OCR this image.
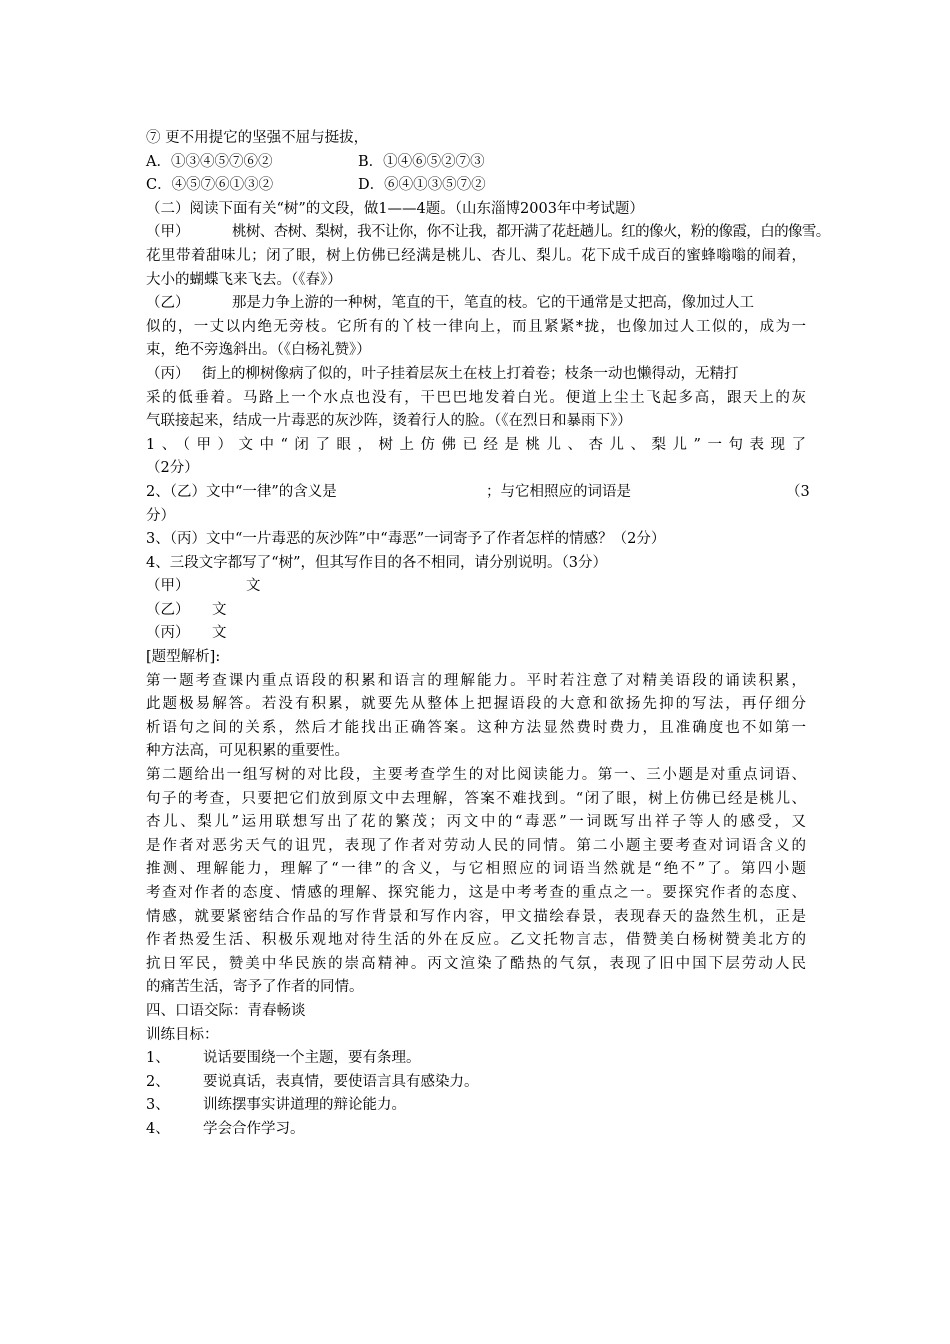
⑦ 更不用提它的坚强不屈与挺拔，
A．①③④⑤⑦⑥②	B．①④⑥⑤②⑦③
C．④⑤⑦⑥①③②	D．⑥④①③⑤⑦②
（二）阅读下面有关“树”的文段，做1——4题。（山东淄博2003年中考试题）
（甲）	桃树、杏树、梨树，我不让你，你不让我，都开满了花赶趟儿。红的像火，粉的像霞，白的像雪。
花里带着甜味儿；闭了眼，树上仿佛已经满是桃儿、杏儿、梨儿。花下成千成百的蜜蜂嗡嗡的闹着，
大小的蝴蝶飞来飞去。（《春》）
（乙）	那是力争上游的一种树，笔直的干，笔直的枝。它的干通常是丈把高，像加过人工
似的，一丈以内绝无旁枝。它所有的丫枝一律向上，而且紧紧*拢，也像加过人工似的，成为一
束，绝不旁逸斜出。（《白杨礼赞》）
（丙） 街上的柳树像病了似的，叶子挂着层灰土在枝上打着卷；枝条一动也懒得动，无精打
采的低垂着。马路上一个水点也没有，干巴巴地发着白光。便道上尘土飞起多高，跟天上的灰
气联接起来，结成一片毒恶的灰沙阵，烫着行人的脸。（《在烈日和暴雨下》）
1、（甲）文中“闭了眼，树上仿佛已经是桃儿、杏儿、梨儿”一句表现了
（2分）
2、（乙）文中“一律”的含义是	；与它相照应的词语是	（3
分）
3、（丙）文中“一片毒恶的灰沙阵”中“毒恶”一词寄予了作者怎样的情感？（2分）
4、三段文字都写了“树”，但其写作目的各不相同，请分别说明。（3分）
（甲）	文
（乙） 文
（丙） 文
[题型解析]:
第一题考查课内重点语段的积累和语言的理解能力。平时若注意了对精美语段的诵读积累，
此题极易解答。若没有积累，就要先从整体上把握语段的大意和欲扬先抑的写法，再仔细分
析语句之间的关系，然后才能找出正确答案。这种方法显然费时费力，且准确度也不如第一
种方法高，可见积累的重要性。
第二题给出一组写树的对比段，主要考查学生的对比阅读能力。第一、三小题是对重点词语、
句子的考查，只要把它们放到原文中去理解，答案不难找到。“闭了眼，树上仿佛已经是桃儿、
杏儿、梨儿”运用联想写出了花的繁茂；丙文中的“毒恶”一词既写出祥子等人的感受，又
是作者对恶劣天气的诅咒，表现了作者对劳动人民的同情。第二小题主要考查对词语含义的
推测、理解能力，理解了“一律”的含义，与它相照应的词语当然就是“绝不”了。第四小题
考查对作者的态度、情感的理解、探究能力，这是中考考查的重点之一。要探究作者的态度、
情感，就要紧密结合作品的写作背景和写作内容，甲文描绘春景，表现春天的盎然生机，正是
作者热爱生活、积极乐观地对待生活的外在反应。乙文托物言志，借赞美白杨树赞美北方的
抗日军民，赞美中华民族的崇高精神。丙文渲染了酷热的气氛，表现了旧中国下层劳动人民
的痛苦生活，寄予了作者的同情。
四、口语交际：青春畅谈
训练目标：
1、 说话要围绕一个主题，要有条理。
2、 要说真话，表真情，要使语言具有感染力。
3、 训练摆事实讲道理的辩论能力。
4、 学会合作学习。
